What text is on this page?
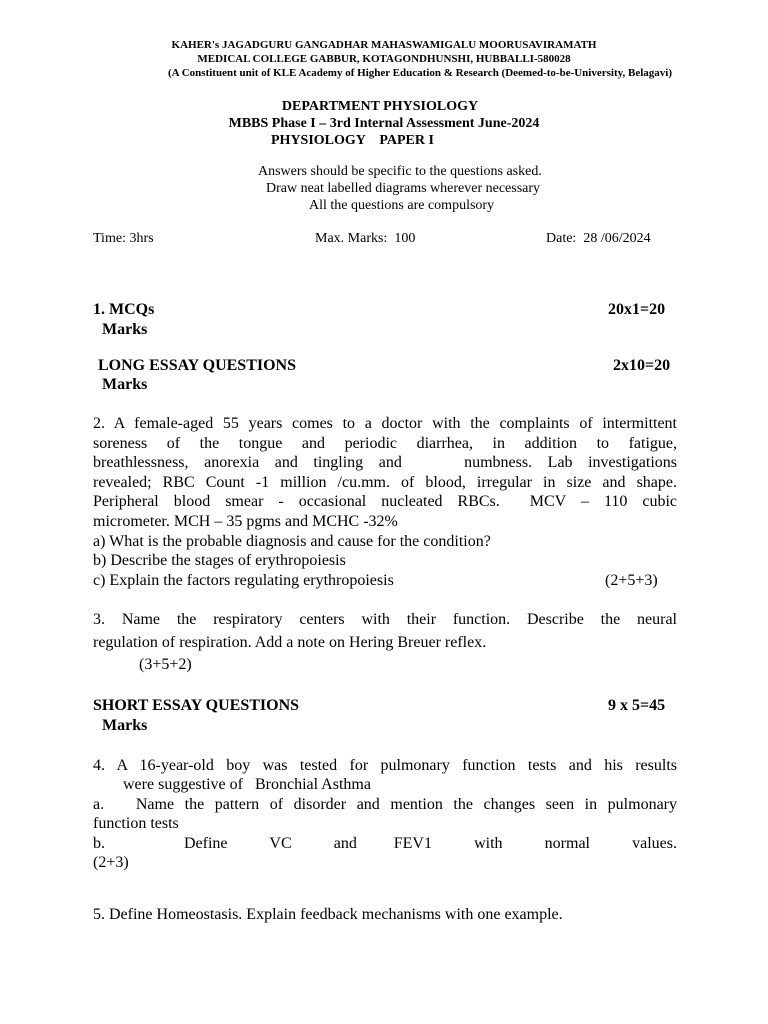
KAHER's JAGADGURU GANGADHAR MAHASWAMIGALU MOORUSAVIRAMATH
MEDICAL COLLEGE GABBUR, KOTAGONDHUNSHI, HUBBALLI-580028
(A Constituent unit of KLE Academy of Higher Education & Research (Deemed-to-be-University, Belagavi)
DEPARTMENT PHYSIOLOGY
MBBS Phase I – 3rd Internal Assessment June-2024
PHYSIOLOGY    PAPER I
Answers should be specific to the questions asked.
Draw neat labelled diagrams wherever necessary
All the questions are compulsory
Time: 3hrs	Max. Marks:  100	Date:  28 /06/2024
1. MCQs	20x1=20
Marks
LONG ESSAY QUESTIONS	2x10=20
Marks
2. A female-aged 55 years comes to a doctor with the complaints of intermittent
soreness of the tongue and periodic diarrhea, in addition to fatigue,
breathlessness, anorexia and tingling and    numbness. Lab investigations
revealed; RBC Count -1 million /cu.mm. of blood, irregular in size and shape.
Peripheral blood smear - occasional nucleated RBCs.  MCV – 110 cubic
micrometer. MCH – 35 pgms and MCHC -32%
a) What is the probable diagnosis and cause for the condition?
b) Describe the stages of erythropoiesis
c) Explain the factors regulating erythropoiesis	(2+5+3)
3. Name the respiratory centers with their function. Describe the neural
regulation of respiration. Add a note on Hering Breuer reflex.
(3+5+2)
SHORT ESSAY QUESTIONS	9 x 5=45
Marks
4. A 16-year-old boy was tested for pulmonary function tests and his results
were suggestive of   Bronchial Asthma
a.   Name the pattern of disorder and mention the changes seen in pulmonary
function tests
b.               Define        VC        and       FEV1        with        normal        values.
(2+3)
5. Define Homeostasis. Explain feedback mechanisms with one example.
